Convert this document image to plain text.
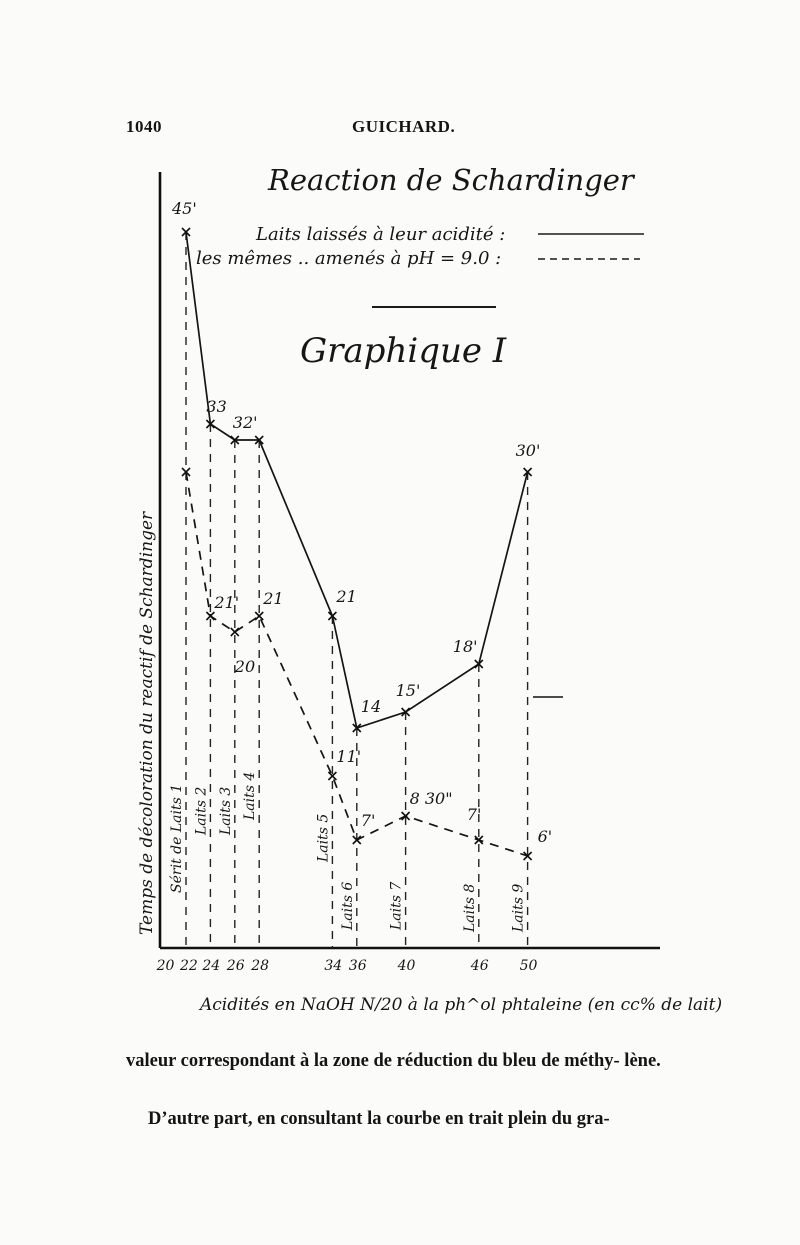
1040	GUICHARD.
Reaction de Schardinger
Graphique I
Temps de décoloration du reactif de Schardinger
Acidités en NaOH N/20 à la ph^ol phtaleine (en cc% de lait)
45'
33
32'
21
14
15'
18'
30'
21'
20
21
11'
7'
8 30"
7'
6'
20 22 24 26 28	34 36 40	46 50
Sérit de Laits 1 Laits 2 Laits 3 Laits 4
Laits 5
Laits 6 Laits 7	Laits 8 Laits 9
Laits laissés à leur acidité :
les mêmes .. amenés à pH = 9.0 :
valeur correspondant à la zone de réduction du bleu de méthy- lène.
D’autre part, en consultant la courbe en trait plein du gra-
